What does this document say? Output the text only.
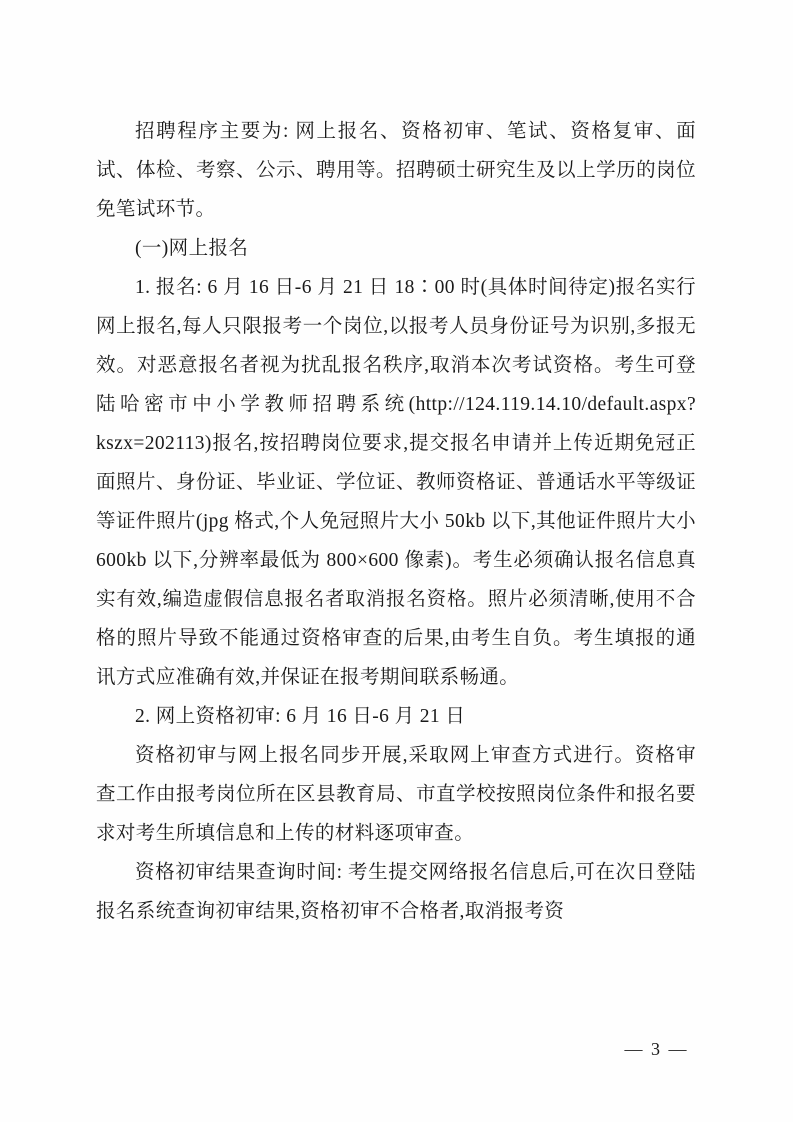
招聘程序主要为: 网上报名、资格初审、笔试、资格复审、面试、体检、考察、公示、聘用等。招聘硕士研究生及以上学历的岗位免笔试环节。

(一)网上报名

1. 报名: 6 月 16 日-6 月 21 日 18∶00 时(具体时间待定)报名实行网上报名,每人只限报考一个岗位,以报考人员身份证号为识别,多报无效。对恶意报名者视为扰乱报名秩序,取消本次考试资格。考生可登陆哈密市中小学教师招聘系统(http://124.119.14.10/default.aspx?kszx=202113)报名,按招聘岗位要求,提交报名申请并上传近期免冠正面照片、身份证、毕业证、学位证、教师资格证、普通话水平等级证等证件照片(jpg 格式,个人免冠照片大小 50kb 以下,其他证件照片大小 600kb 以下,分辨率最低为 800×600 像素)。考生必须确认报名信息真实有效,编造虚假信息报名者取消报名资格。照片必须清晰,使用不合格的照片导致不能通过资格审查的后果,由考生自负。考生填报的通讯方式应准确有效,并保证在报考期间联系畅通。

2. 网上资格初审: 6 月 16 日-6 月 21 日

资格初审与网上报名同步开展,采取网上审查方式进行。资格审查工作由报考岗位所在区县教育局、市直学校按照岗位条件和报名要求对考生所填信息和上传的材料逐项审查。

资格初审结果查询时间: 考生提交网络报名信息后,可在次日登陆报名系统查询初审结果,资格初审不合格者,取消报考资

— 3 —
